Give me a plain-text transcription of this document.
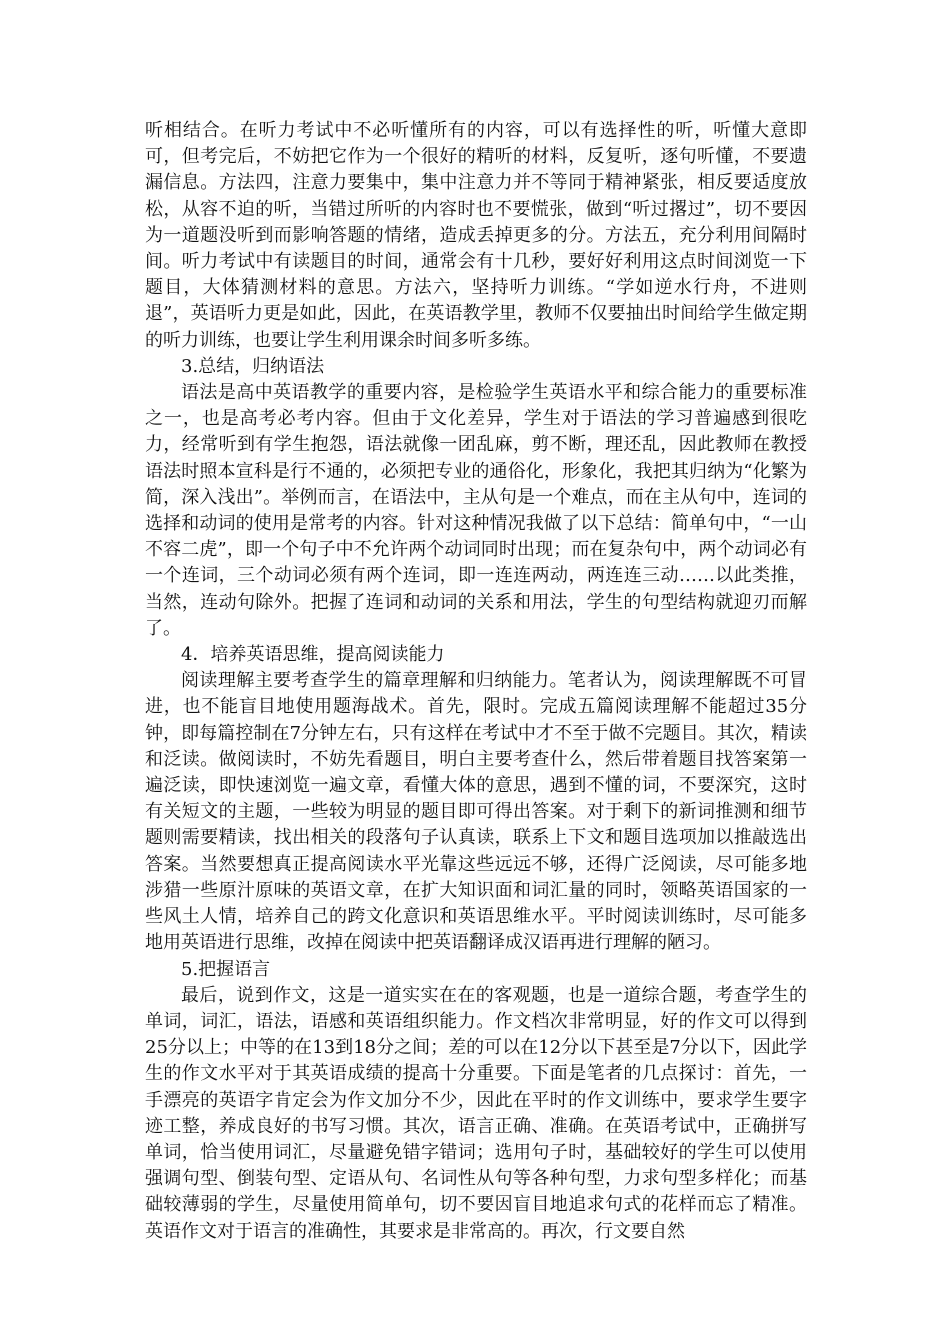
听相结合。在听力考试中不必听懂所有的内容，可以有选择性的听，听懂大意即可，但考完后，不妨把它作为一个很好的精听的材料，反复听，逐句听懂，不要遗漏信息。方法四，注意力要集中，集中注意力并不等同于精神紧张，相反要适度放松，从容不迫的听，当错过所听的内容时也不要慌张，做到“听过撂过”，切不要因为一道题没听到而影响答题的情绪，造成丢掉更多的分。方法五，充分利用间隔时间。听力考试中有读题目的时间，通常会有十几秒，要好好利用这点时间浏览一下题目，大体猜测材料的意思。方法六，坚持听力训练。“学如逆水行舟，不进则退”，英语听力更是如此，因此，在英语教学里，教师不仅要抽出时间给学生做定期的听力训练，也要让学生利用课余时间多听多练。

3.总结，归纳语法

语法是高中英语教学的重要内容，是检验学生英语水平和综合能力的重要标准之一，也是高考必考内容。但由于文化差异，学生对于语法的学习普遍感到很吃力，经常听到有学生抱怨，语法就像一团乱麻，剪不断，理还乱，因此教师在教授语法时照本宣科是行不通的，必须把专业的通俗化，形象化，我把其归纳为“化繁为简，深入浅出”。举例而言，在语法中，主从句是一个难点，而在主从句中，连词的选择和动词的使用是常考的内容。针对这种情况我做了以下总结：简单句中，“一山不容二虎”，即一个句子中不允许两个动词同时出现；而在复杂句中，两个动词必有一个连词，三个动词必须有两个连词，即一连连两动，两连连三动……以此类推，当然，连动句除外。把握了连词和动词的关系和用法，学生的句型结构就迎刃而解了。

4．培养英语思维，提高阅读能力

阅读理解主要考查学生的篇章理解和归纳能力。笔者认为，阅读理解既不可冒进，也不能盲目地使用题海战术。首先，限时。完成五篇阅读理解不能超过35分钟，即每篇控制在7分钟左右，只有这样在考试中才不至于做不完题目。其次，精读和泛读。做阅读时，不妨先看题目，明白主要考查什么，然后带着题目找答案第一遍泛读，即快速浏览一遍文章，看懂大体的意思，遇到不懂的词，不要深究，这时有关短文的主题，一些较为明显的题目即可得出答案。对于剩下的新词推测和细节题则需要精读，找出相关的段落句子认真读，联系上下文和题目选项加以推敲选出答案。当然要想真正提高阅读水平光靠这些远远不够，还得广泛阅读，尽可能多地涉猎一些原汁原味的英语文章，在扩大知识面和词汇量的同时，领略英语国家的一些风土人情，培养自己的跨文化意识和英语思维水平。平时阅读训练时，尽可能多地用英语进行思维，改掉在阅读中把英语翻译成汉语再进行理解的陋习。

5.把握语言

最后，说到作文，这是一道实实在在的客观题，也是一道综合题，考查学生的单词，词汇，语法，语感和英语组织能力。作文档次非常明显，好的作文可以得到25分以上；中等的在13到18分之间；差的可以在12分以下甚至是7分以下，因此学生的作文水平对于其英语成绩的提高十分重要。下面是笔者的几点探讨：首先，一手漂亮的英语字肯定会为作文加分不少，因此在平时的作文训练中，要求学生要字迹工整，养成良好的书写习惯。其次，语言正确、准确。在英语考试中，正确拼写单词，恰当使用词汇，尽量避免错字错词；选用句子时，基础较好的学生可以使用强调句型、倒装句型、定语从句、名词性从句等各种句型，力求句型多样化；而基础较薄弱的学生，尽量使用简单句，切不要因盲目地追求句式的花样而忘了精准。英语作文对于语言的准确性，其要求是非常高的。再次，行文要自然
